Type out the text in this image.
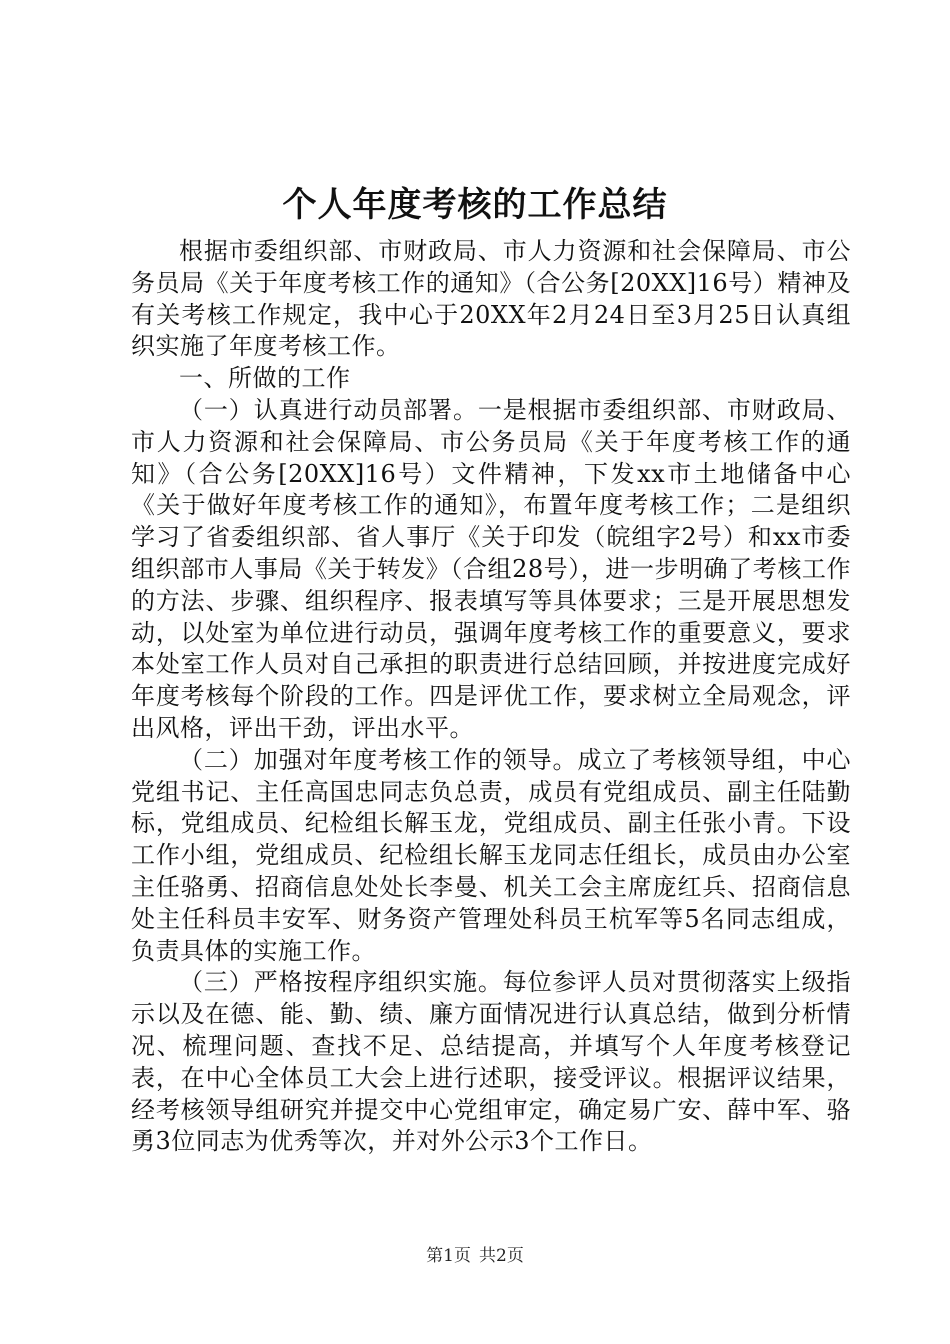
个人年度考核的工作总结

根据市委组织部、市财政局、市人力资源和社会保障局、市公务员局《关于年度考核工作的通知》（合公务[20XX]16号）精神及有关考核工作规定，我中心于20XX年2月24日至3月25日认真组织实施了年度考核工作。

一、所做的工作

（一）认真进行动员部署。一是根据市委组织部、市财政局、市人力资源和社会保障局、市公务员局《关于年度考核工作的通知》（合公务[20XX]16号）文件精神，下发xx市土地储备中心《关于做好年度考核工作的通知》，布置年度考核工作；二是组织学习了省委组织部、省人事厅《关于印发（皖组字2号）和xx市委组织部市人事局《关于转发》（合组28号），进一步明确了考核工作的方法、步骤、组织程序、报表填写等具体要求；三是开展思想发动，以处室为单位进行动员，强调年度考核工作的重要意义，要求本处室工作人员对自己承担的职责进行总结回顾，并按进度完成好年度考核每个阶段的工作。四是评优工作，要求树立全局观念，评出风格，评出干劲，评出水平。

（二）加强对年度考核工作的领导。成立了考核领导组，中心党组书记、主任高国忠同志负总责，成员有党组成员、副主任陆勤标，党组成员、纪检组长解玉龙，党组成员、副主任张小青。下设工作小组，党组成员、纪检组长解玉龙同志任组长，成员由办公室主任骆勇、招商信息处处长李曼、机关工会主席庞红兵、招商信息处主任科员丰安军、财务资产管理处科员王杭军等5名同志组成，负责具体的实施工作。

（三）严格按程序组织实施。每位参评人员对贯彻落实上级指示以及在德、能、勤、绩、廉方面情况进行认真总结，做到分析情况、梳理问题、查找不足、总结提高，并填写个人年度考核登记表，在中心全体员工大会上进行述职，接受评议。根据评议结果，经考核领导组研究并提交中心党组审定，确定易广安、薛中军、骆勇3位同志为优秀等次，并对外公示3个工作日。

第1页 共2页
